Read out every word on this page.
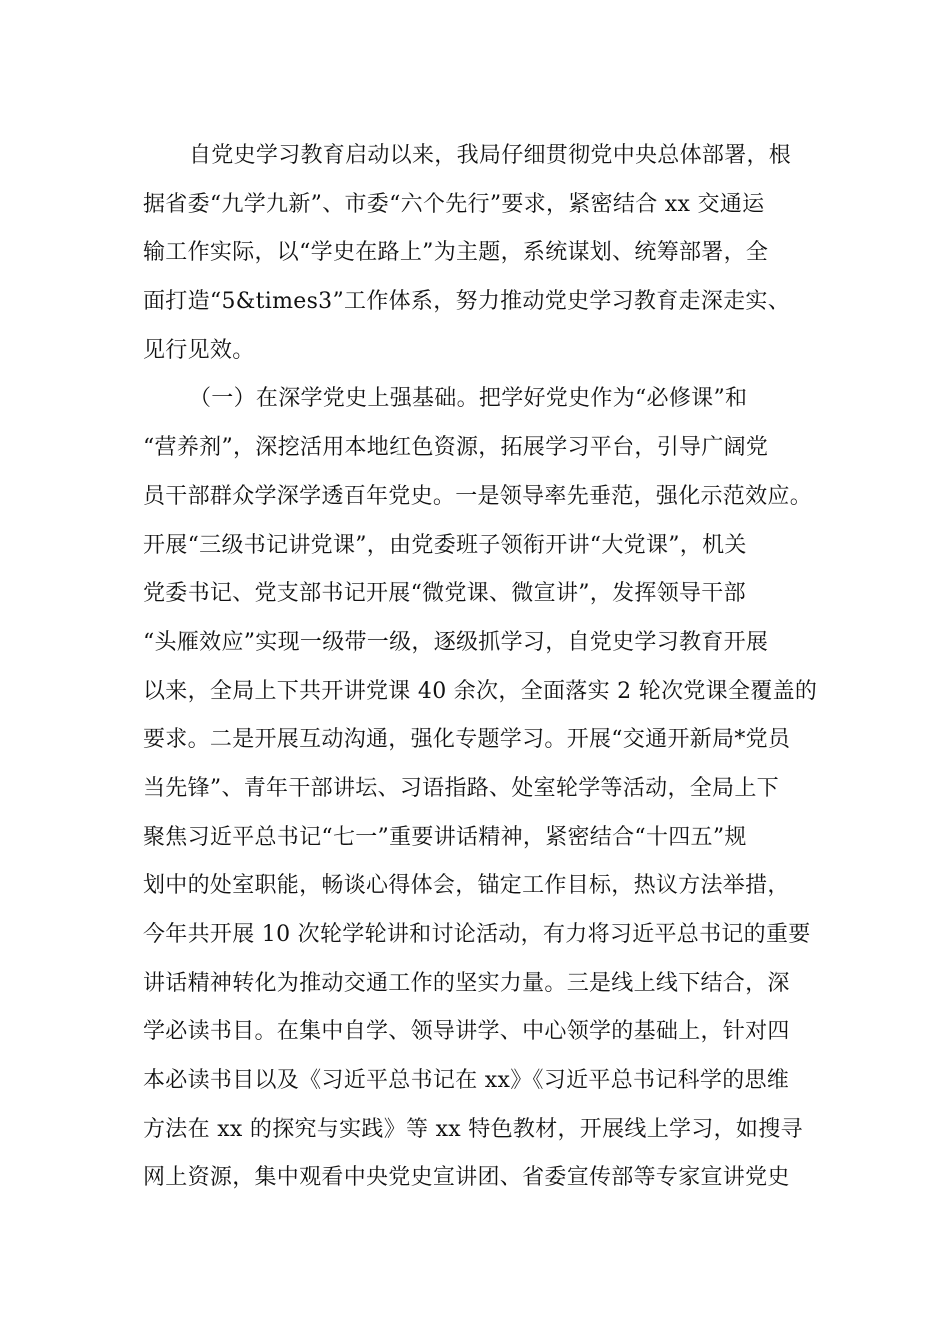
自党史学习教育启动以来，我局仔细贯彻党中央总体部署，根
据省委“九学九新”、市委“六个先行”要求，紧密结合 xx 交通运
输工作实际，以“学史在路上”为主题，系统谋划、统筹部署，全
面打造“5&times3”工作体系，努力推动党史学习教育走深走实、
见行见效。
（一）在深学党史上强基础。把学好党史作为“必修课”和
“营养剂”，深挖活用本地红色资源，拓展学习平台，引导广阔党
员干部群众学深学透百年党史。一是领导率先垂范，强化示范效应。
开展“三级书记讲党课”，由党委班子领衔开讲“大党课”，机关
党委书记、党支部书记开展“微党课、微宣讲”，发挥领导干部
“头雁效应”实现一级带一级，逐级抓学习，自党史学习教育开展
以来，全局上下共开讲党课 40 余次，全面落实 2 轮次党课全覆盖的
要求。二是开展互动沟通，强化专题学习。开展“交通开新局*党员
当先锋”、青年干部讲坛、习语指路、处室轮学等活动，全局上下
聚焦习近平总书记“七一”重要讲话精神，紧密结合“十四五”规
划中的处室职能，畅谈心得体会，锚定工作目标，热议方法举措，
今年共开展 10 次轮学轮讲和讨论活动，有力将习近平总书记的重要
讲话精神转化为推动交通工作的坚实力量。三是线上线下结合，深
学必读书目。在集中自学、领导讲学、中心领学的基础上，针对四
本必读书目以及《习近平总书记在 xx》《习近平总书记科学的思维
方法在 xx 的探究与实践》等 xx 特色教材，开展线上学习，如搜寻
网上资源，集中观看中央党史宣讲团、省委宣传部等专家宣讲党史
